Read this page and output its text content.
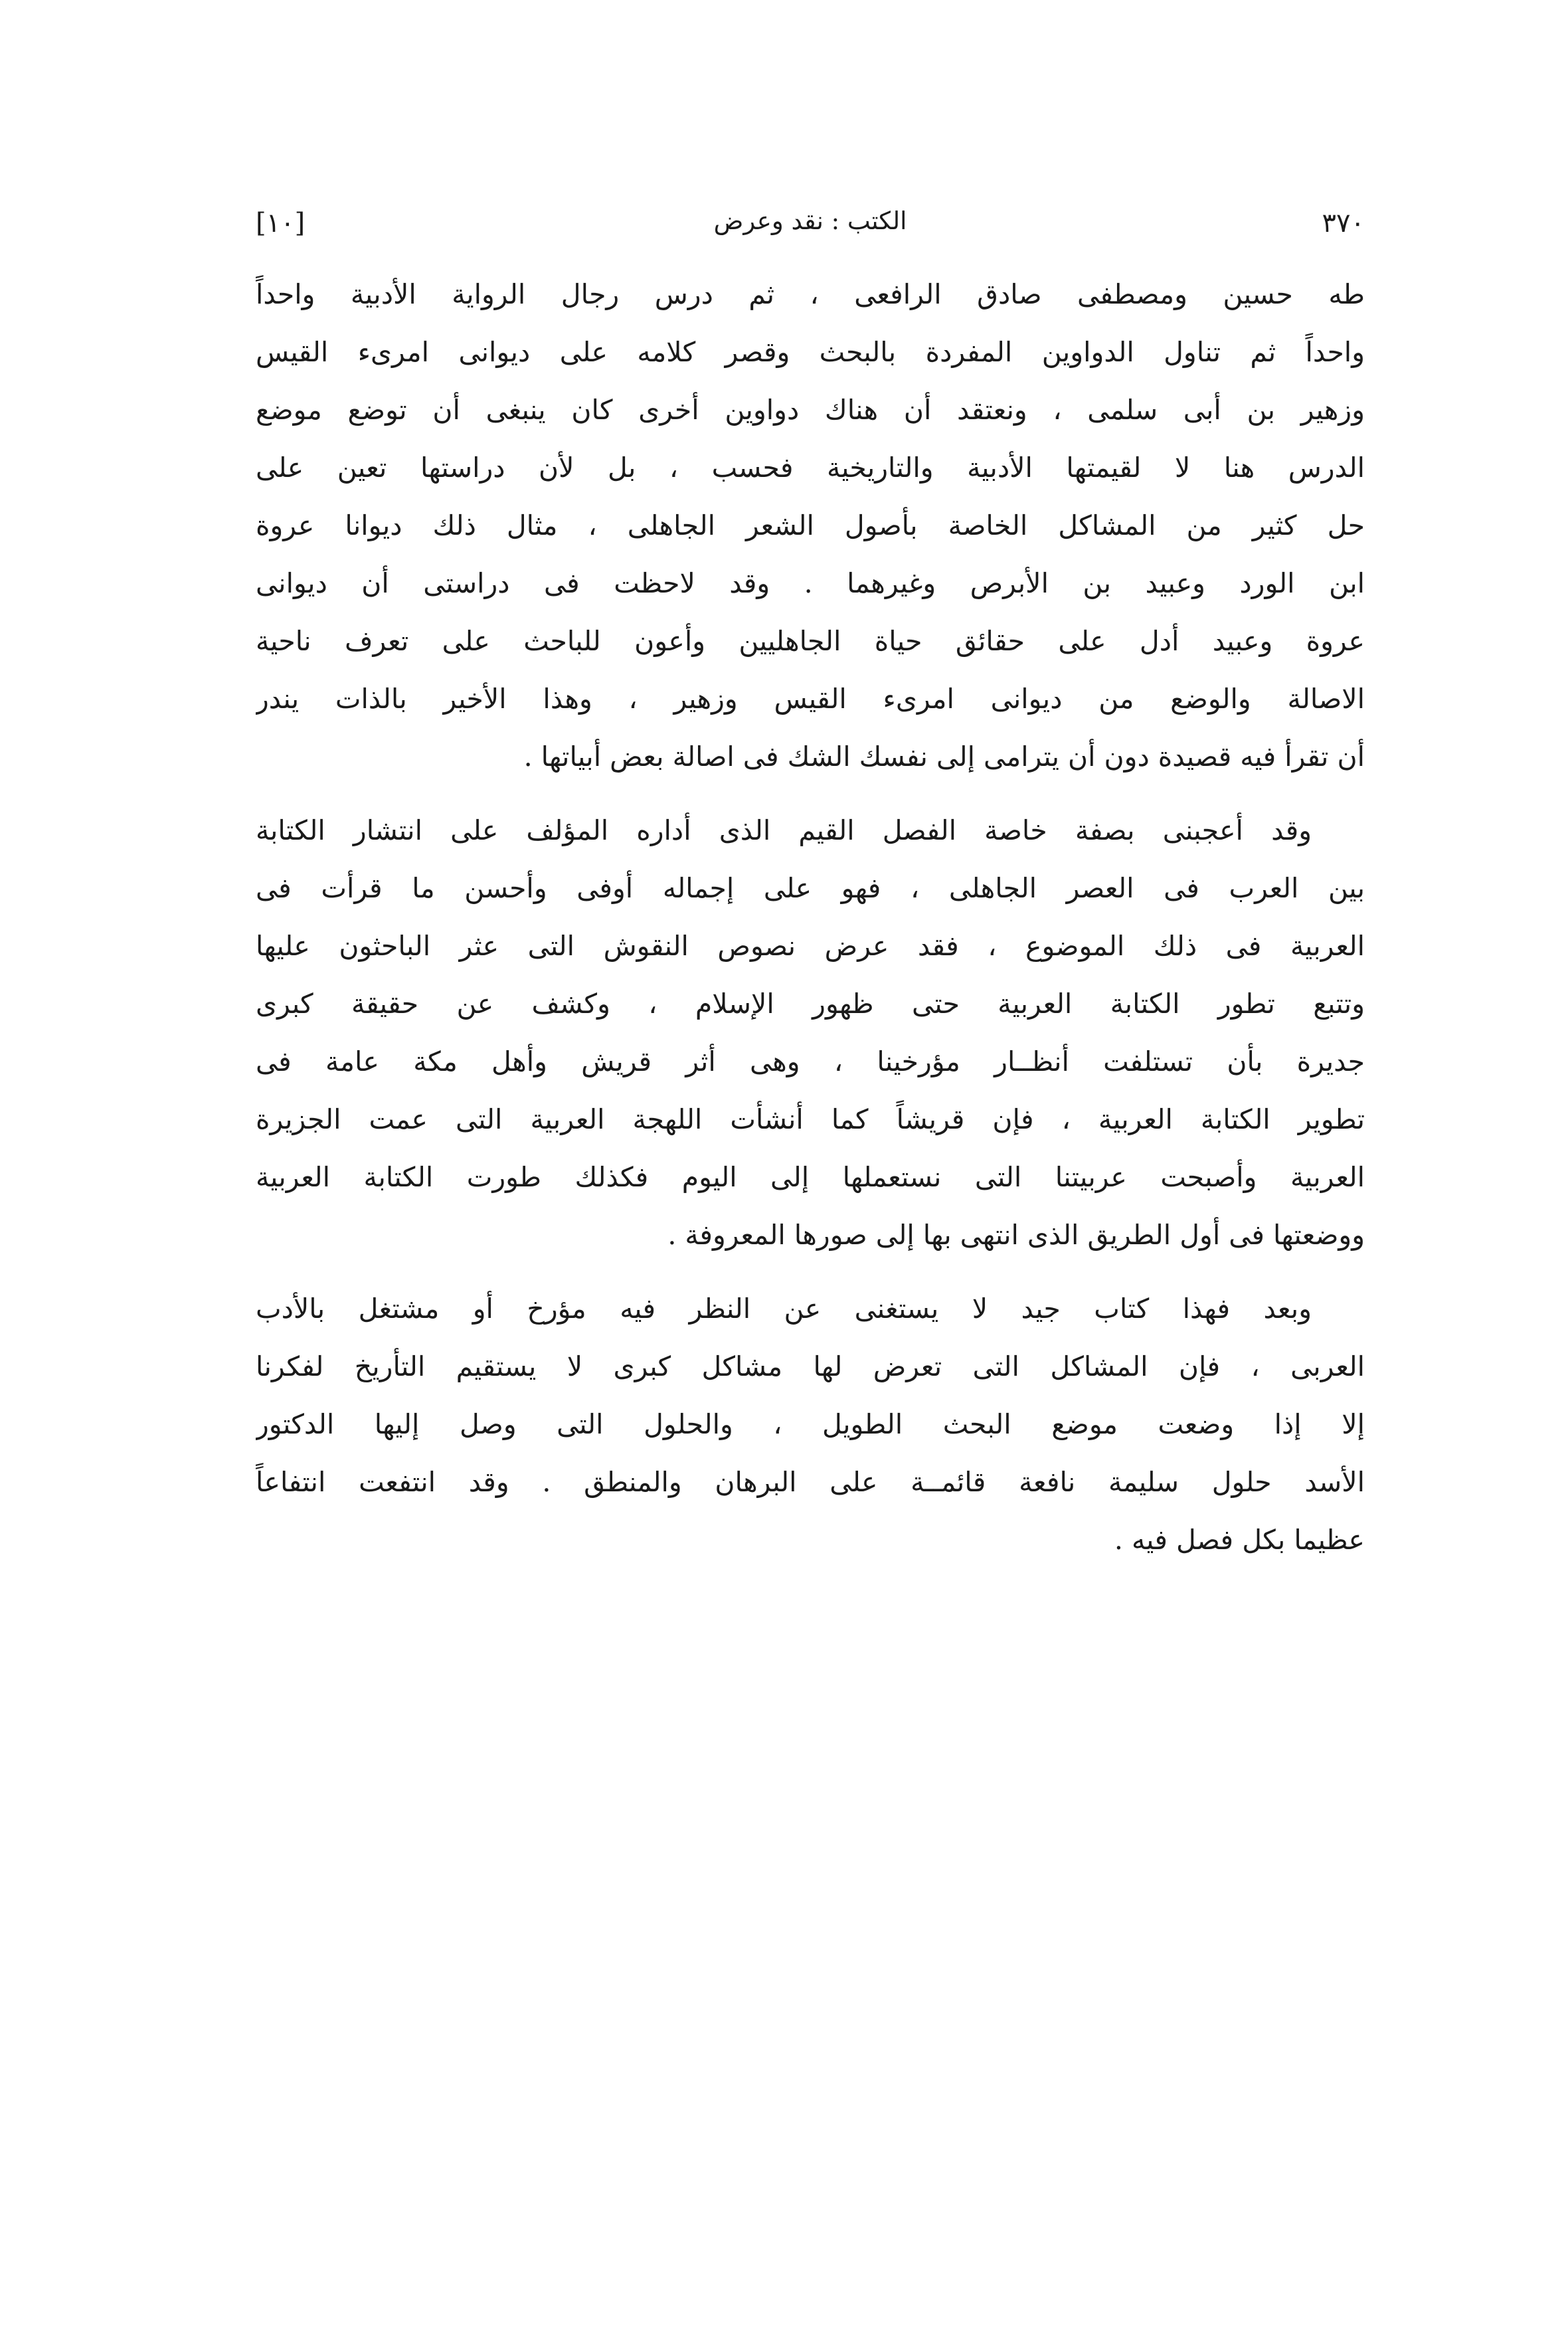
٣٧٠
الكتب : نقد وعرض
[١٠]
طه حسين ومصطفى صادق الرافعى ، ثم درس رجال الرواية الأدبية واحداً
واحداً ثم تناول الدواوين المفردة بالبحث وقصر كلامه على ديوانى امرىء القيس
وزهير بن أبى سلمى ، ونعتقد أن هناك دواوين أخرى كان ينبغى أن توضع موضع
الدرس هنا لا لقيمتها الأدبية والتاريخية فحسب ، بل لأن دراستها تعين على
حل كثير من المشاكل الخاصة بأصول الشعر الجاهلى ، مثال ذلك ديوانا عروة
ابن الورد وعبيد بن الأبرص وغيرهما . وقد لاحظت فى دراستى أن ديوانى
عروة وعبيد أدل على حقائق حياة الجاهليين وأعون للباحث على تعرف ناحية
الاصالة والوضع من ديوانى امرىء القيس وزهير ، وهذا الأخير بالذات يندر
أن تقرأ فيه قصيدة دون أن يترامى إلى نفسك الشك فى اصالة بعض أبياتها .
وقد أعجبنى بصفة خاصة الفصل القيم الذى أداره المؤلف على انتشار الكتابة
بين العرب فى العصر الجاهلى ، فهو على إجماله أوفى وأحسن ما قرأت فى
العربية فى ذلك الموضوع ، فقد عرض نصوص النقوش التى عثر الباحثون عليها
وتتبع تطور الكتابة العربية حتى ظهور الإسلام ، وكشف عن حقيقة كبرى
جديرة بأن تستلفت أنظــار مؤرخينا ، وهى أثر قريش وأهل مكة عامة فى
تطوير الكتابة العربية ، فإن قريشاً كما أنشأت اللهجة العربية التى عمت الجزيرة
العربية وأصبحت عربيتنا التى نستعملها إلى اليوم فكذلك طورت الكتابة العربية
ووضعتها فى أول الطريق الذى انتهى بها إلى صورها المعروفة .
وبعد فهذا كتاب جيد لا يستغنى عن النظر فيه مؤرخ أو مشتغل بالأدب
العربى ، فإن المشاكل التى تعرض لها مشاكل كبرى لا يستقيم التأريخ لفكرنا
إلا إذا وضعت موضع البحث الطويل ، والحلول التى وصل إليها الدكتور
الأسد حلول سليمة نافعة قائمــة على البرهان والمنطق . وقد انتفعت انتفاعاً
عظيما بكل فصل فيه .
